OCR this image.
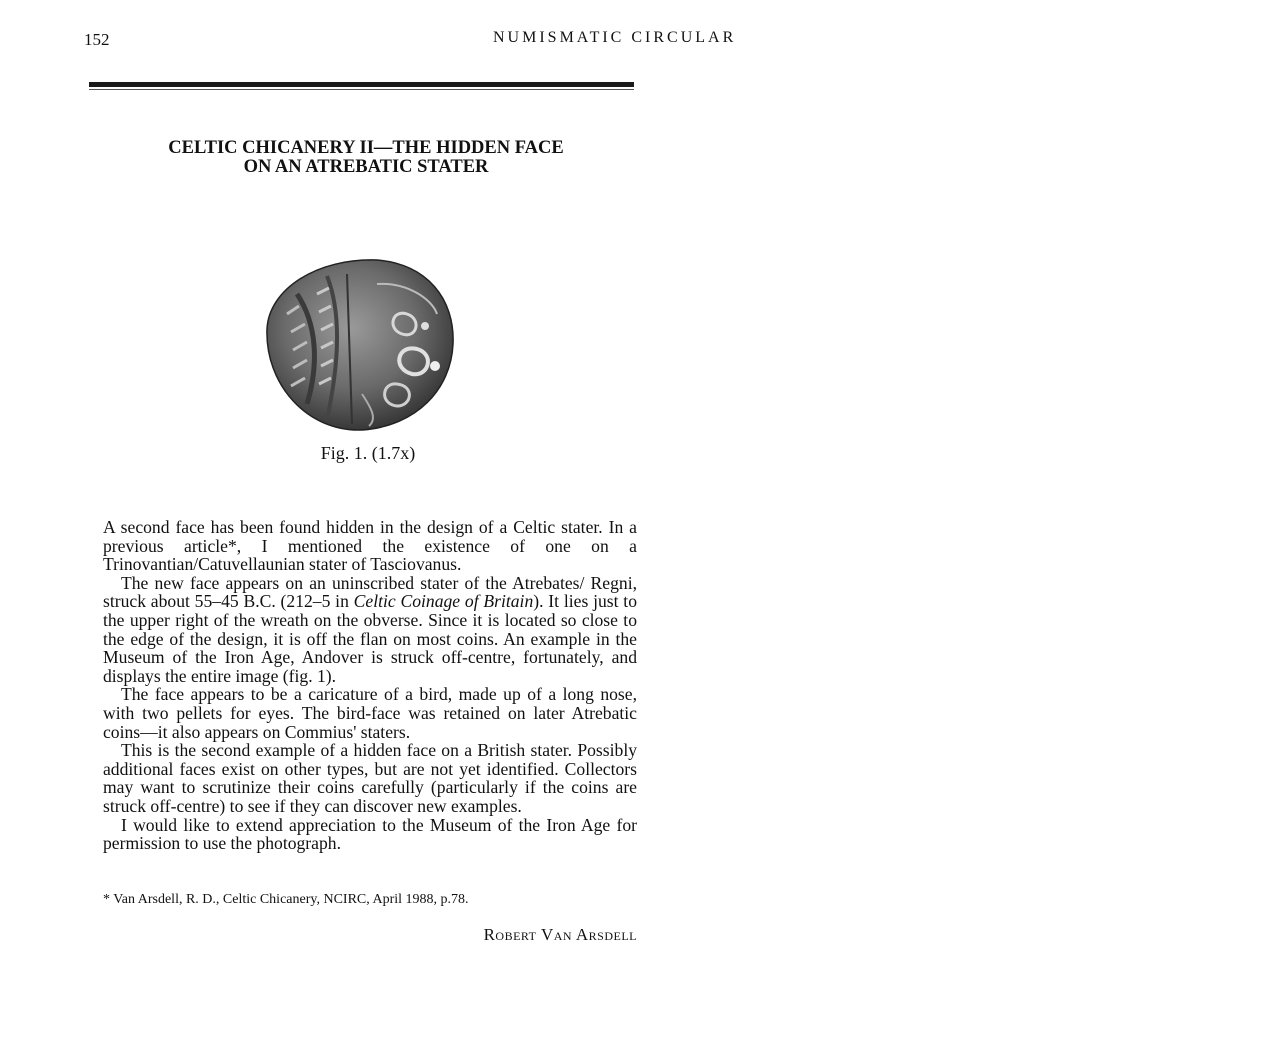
152	NUMISMATIC CIRCULAR
CELTIC CHICANERY II—THE HIDDEN FACE
ON AN ATREBATIC STATER
Fig. 1. (1.7x)

A second face has been found hidden in the design of a Celtic stater. In a previous article*, I mentioned the existence of one on a Trinovantian/Catuvellaunian stater of Tasciovanus.

The new face appears on an uninscribed stater of the Atrebates/ Regni, struck about 55–45 B.C. (212–5 in Celtic Coinage of Britain). It lies just to the upper right of the wreath on the obverse. Since it is located so close to the edge of the design, it is off the flan on most coins. An example in the Museum of the Iron Age, Andover is struck off-centre, fortunately, and displays the entire image (fig. 1).

The face appears to be a caricature of a bird, made up of a long nose, with two pellets for eyes. The bird-face was retained on later Atrebatic coins—it also appears on Commius' staters.

This is the second example of a hidden face on a British stater. Possibly additional faces exist on other types, but are not yet identified. Collectors may want to scrutinize their coins carefully (particularly if the coins are struck off-centre) to see if they can discover new examples.

I would like to extend appreciation to the Museum of the Iron Age for permission to use the photograph.

* Van Arsdell, R. D., Celtic Chicanery, NCIRC, April 1988, p.78.
Robert Van Arsdell
